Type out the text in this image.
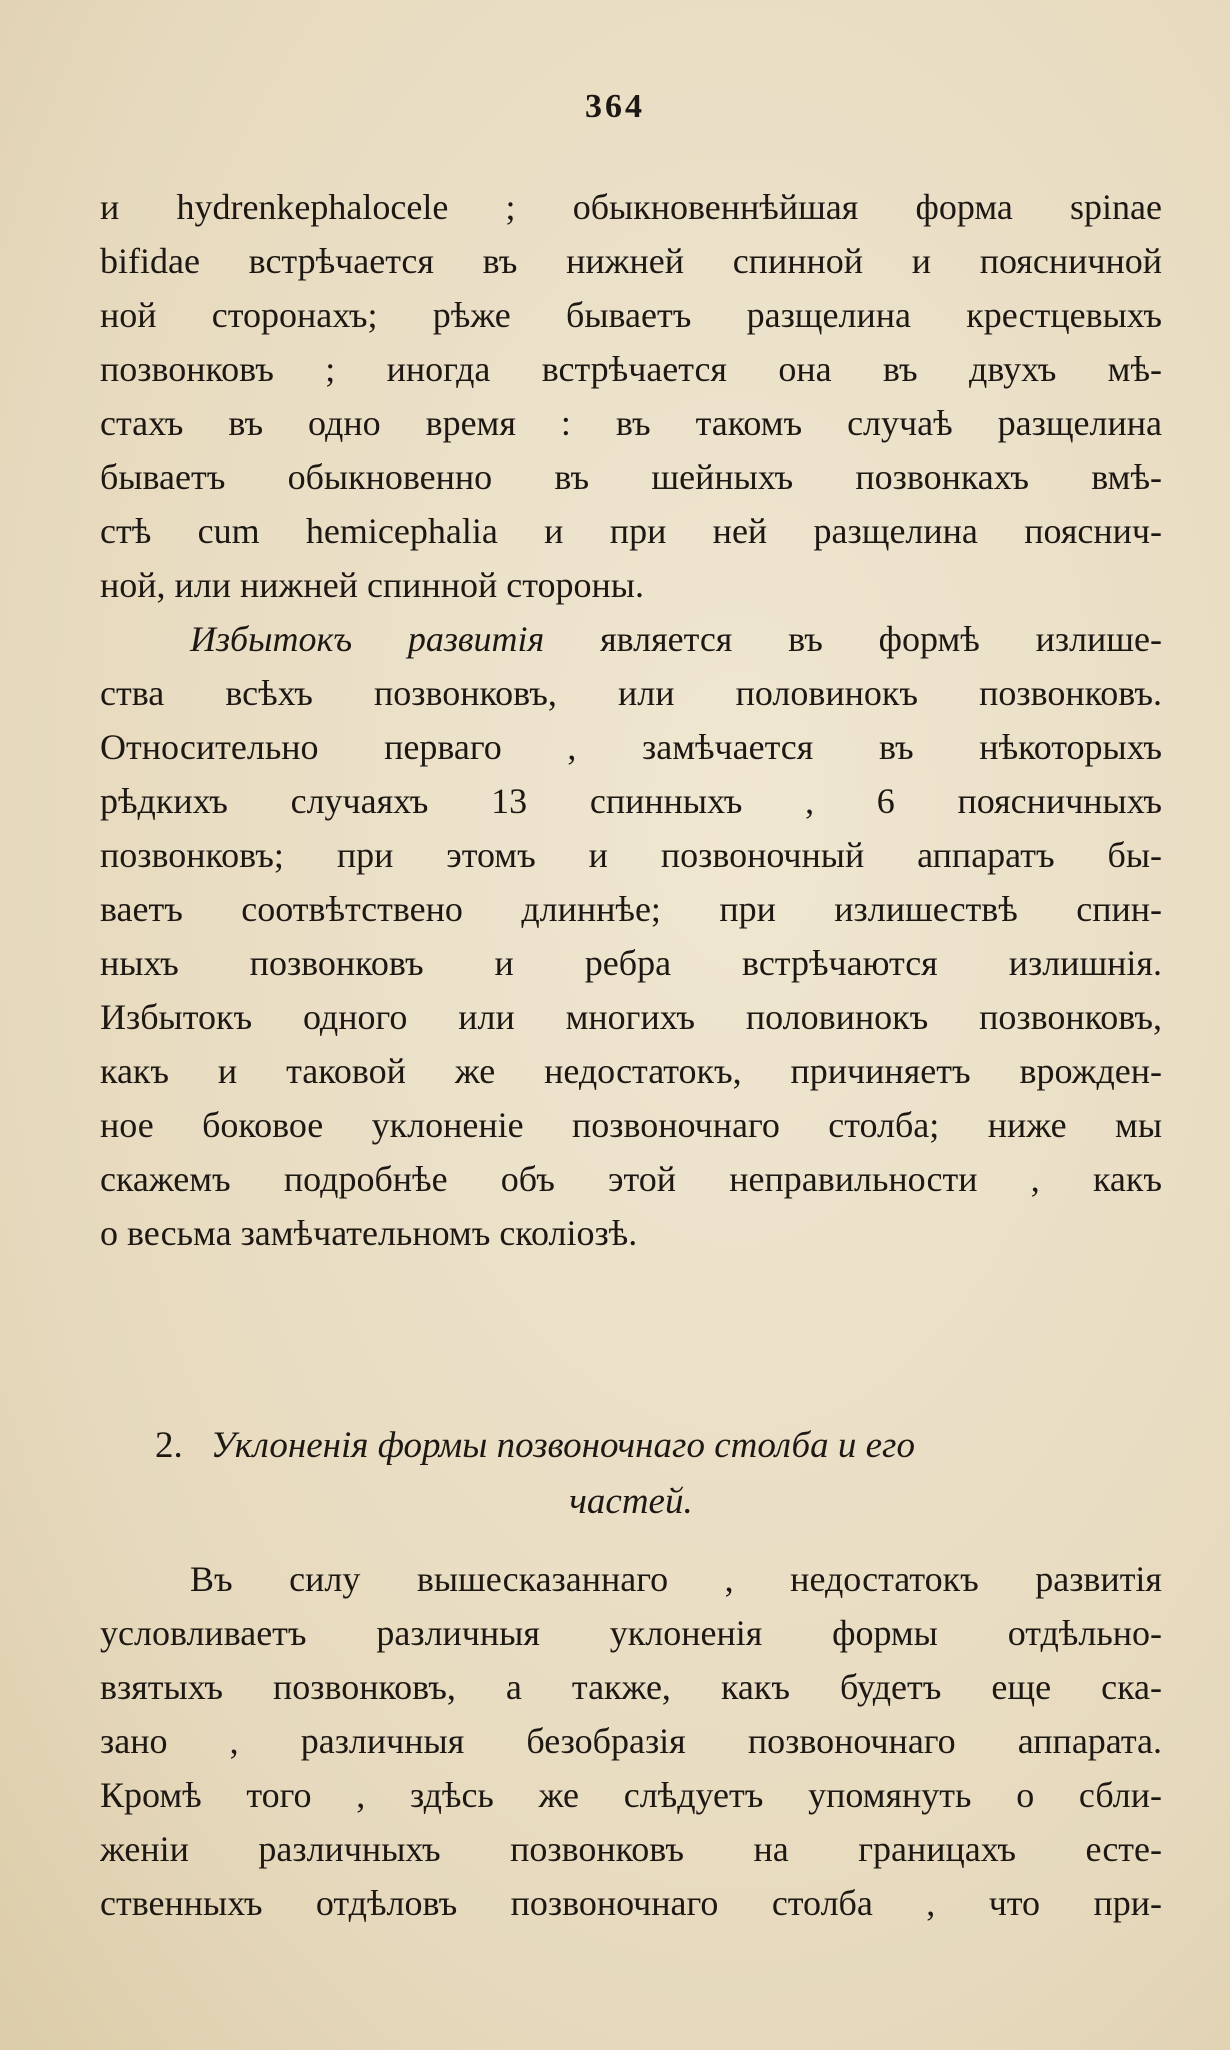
364
и hydrenkephalocele ; обыкновеннѣйшая форма spinae
bifidae встрѣчается въ нижней спинной и поясничной
ной сторонахъ; рѣже бываетъ разщелина крестцевыхъ
позвонковъ ; иногда встрѣчается она въ двухъ мѣ-
стахъ въ одно время : въ такомъ случаѣ разщелина
бываетъ обыкновенно въ шейныхъ позвонкахъ вмѣ-
стѣ cum hemicephalia и при ней разщелина пояснич-
ной, или нижней спинной стороны.
Избытокъ развитія является въ формѣ излише-
ства всѣхъ позвонковъ, или половинокъ позвонковъ.
Относительно перваго , замѣчается въ нѣкоторыхъ
рѣдкихъ случаяхъ 13 спинныхъ , 6 поясничныхъ
позвонковъ; при этомъ и позвоночный аппаратъ бы-
ваетъ соотвѣтствено длиннѣе; при излишествѣ спин-
ныхъ позвонковъ и ребра встрѣчаются излишнія.
Избытокъ одного или многихъ половинокъ позвонковъ,
какъ и таковой же недостатокъ, причиняетъ врожден-
ное боковое уклоненіе позвоночнаго столба; ниже мы
скажемъ подробнѣе объ этой неправильности , какъ
о весьма замѣчательномъ сколіозѣ.
2. Уклоненія формы позвоночнаго столба и его
частей.
Въ силу вышесказаннаго , недостатокъ развитія
условливаетъ различныя уклоненія формы отдѣльно-
взятыхъ позвонковъ, а также, какъ будетъ еще ска-
зано , различныя безобразія позвоночнаго аппарата.
Кромѣ того , здѣсь же слѣдуетъ упомянуть о сбли-
женіи различныхъ позвонковъ на границахъ есте-
ственныхъ отдѣловъ позвоночнаго столба , что при-
